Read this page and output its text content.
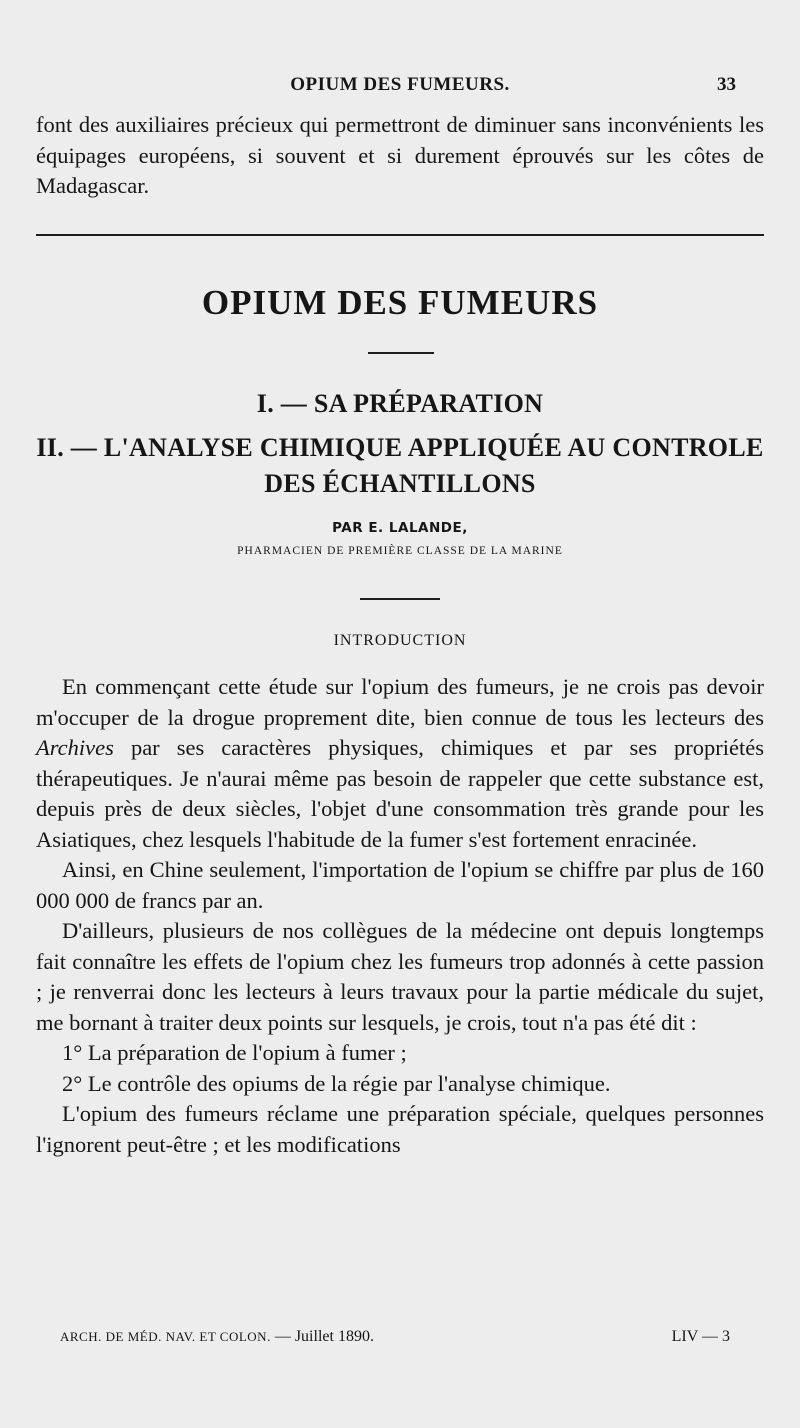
OPIUM DES FUMEURS.	33

font des auxiliaires précieux qui permettront de diminuer sans inconvénients les équipages européens, si souvent et si durement éprouvés sur les côtes de Madagascar.

OPIUM DES FUMEURS
I. — SA PRÉPARATION
II. — L'ANALYSE CHIMIQUE APPLIQUÉE AU CONTROLE
DES ÉCHANTILLONS
PAR E. LALANDE,
PHARMACIEN DE PREMIÈRE CLASSE DE LA MARINE
INTRODUCTION

En commençant cette étude sur l'opium des fumeurs, je ne crois pas devoir m'occuper de la drogue proprement dite, bien connue de tous les lecteurs des Archives par ses caractères physiques, chimiques et par ses propriétés thérapeutiques. Je n'aurai même pas besoin de rappeler que cette substance est, depuis près de deux siècles, l'objet d'une consommation très grande pour les Asiatiques, chez lesquels l'habitude de la fumer s'est fortement enracinée.

Ainsi, en Chine seulement, l'importation de l'opium se chiffre par plus de 160 000 000 de francs par an.

D'ailleurs, plusieurs de nos collègues de la médecine ont depuis longtemps fait connaître les effets de l'opium chez les fumeurs trop adonnés à cette passion ; je renverrai donc les lecteurs à leurs travaux pour la partie médicale du sujet, me bornant à traiter deux points sur lesquels, je crois, tout n'a pas été dit :

1° La préparation de l'opium à fumer ;

2° Le contrôle des opiums de la régie par l'analyse chimique.

L'opium des fumeurs réclame une préparation spéciale, quelques personnes l'ignorent peut-être ; et les modifications

ARCH. DE MÉD. NAV. ET COLON. — Juillet 1890.	LIV — 3
